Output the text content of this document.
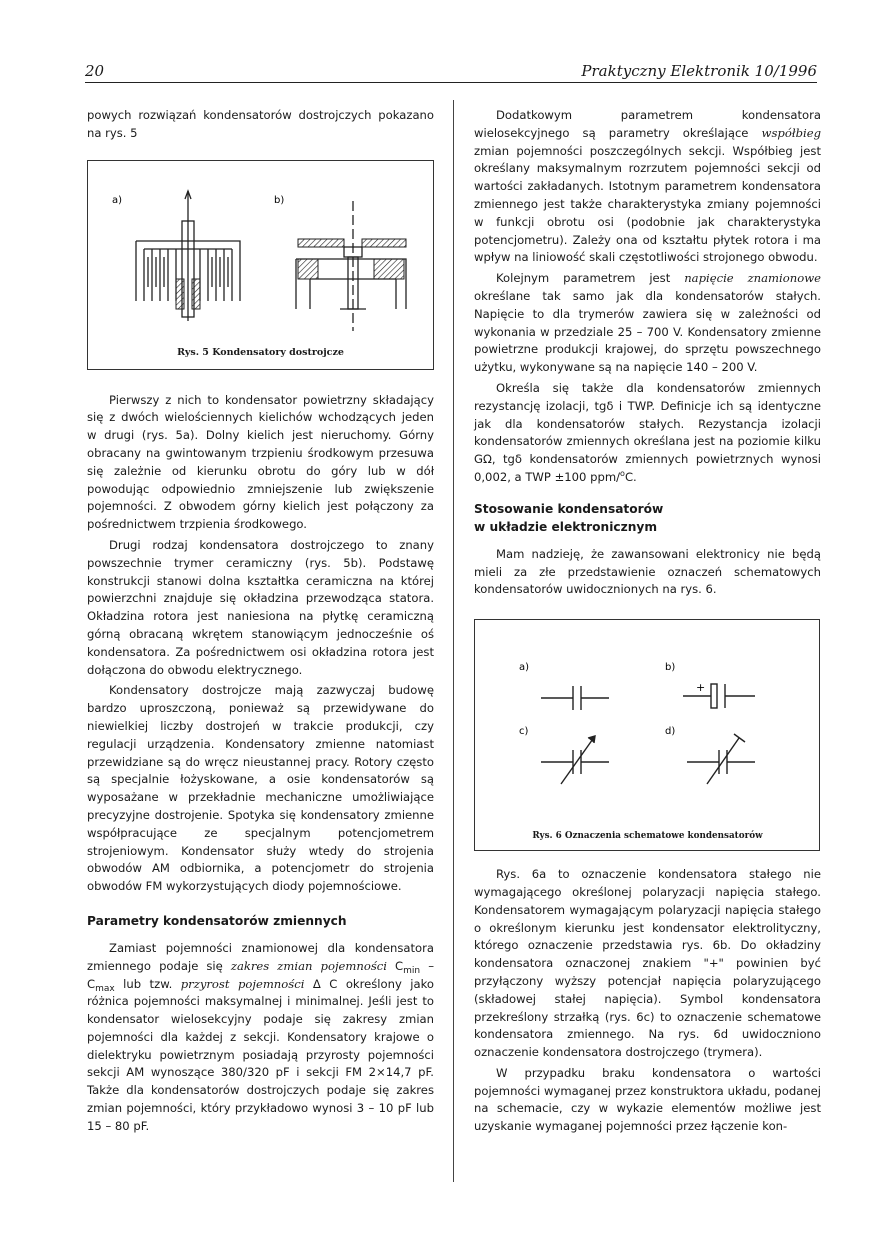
20	Praktyczny Elektronik 10/1996

powych rozwiązań kondensatorów dostrojczych pokazano na rys. 5

a)	b)

Rys. 5 Kondensatory dostrojcze

Pierwszy z nich to kondensator powietrzny składający się z dwóch wielościennych kielichów wchodzących jeden w drugi (rys. 5a). Dolny kielich jest nieruchomy. Górny obracany na gwintowanym trzpieniu środkowym przesuwa się zależnie od kierunku obrotu do góry lub w dół powodując odpowiednio zmniejszenie lub zwiększenie pojemności. Z obwodem górny kielich jest połączony za pośrednictwem trzpienia środkowego.

Drugi rodzaj kondensatora dostrojczego to znany powszechnie trymer ceramiczny (rys. 5b). Podstawę konstrukcji stanowi dolna kształtka ceramiczna na której powierzchni znajduje się okładzina przewodząca statora. Okładzina rotora jest naniesiona na płytkę ceramiczną górną obracaną wkrętem stanowiącym jednocześnie oś kondensatora. Za pośrednictwem osi okładzina rotora jest dołączona do obwodu elektrycznego.

Kondensatory dostrojcze mają zazwyczaj budowę bardzo uproszczoną, ponieważ są przewidywane do niewielkiej liczby dostrojeń w trakcie produkcji, czy regulacji urządzenia. Kondensatory zmienne natomiast przewidziane są do wręcz nieustannej pracy. Rotory często są specjalnie łożyskowane, a osie kondensatorów są wyposażane w przekładnie mechaniczne umożliwiające precyzyjne dostrojenie. Spotyka się kondensatory zmienne współpracujące ze specjalnym potencjometrem strojeniowym. Kondensator służy wtedy do strojenia obwodów AM odbiornika, a potencjometr do strojenia obwodów FM wykorzystujących diody pojemnościowe.

Parametry kondensatorów zmiennych

Zamiast pojemności znamionowej dla kondensatora zmiennego podaje się zakres zmian pojemności $C_{min} - C_{max}$ lub tzw. przyrost pojemności Δ C określony jako różnica pojemności maksymalnej i minimalnej. Jeśli jest to kondensator wielosekcyjny podaje się zakresy zmian pojemności dla każdej z sekcji. Kondensatory krajowe o dielektryku powietrznym posiadają przyrosty pojemności sekcji AM wynoszące 380/320 pF i sekcji FM 2×14,7 pF. Także dla kondensatorów dostrojczych podaje się zakres zmian pojemności, który przykładowo wynosi 3 – 10 pF lub 15 – 80 pF.

Dodatkowym parametrem kondensatora wielosekcyjnego są parametry określające współbieg zmian pojemności poszczególnych sekcji. Współbieg jest określany maksymalnym rozrzutem pojemności sekcji od wartości zakładanych. Istotnym parametrem kondensatora zmiennego jest także charakterystyka zmiany pojemności w funkcji obrotu osi (podobnie jak charakterystyka potencjometru). Zależy ona od kształtu płytek rotora i ma wpływ na liniowość skali częstotliwości strojonego obwodu.

Kolejnym parametrem jest napięcie znamionowe określane tak samo jak dla kondensatorów stałych. Napięcie to dla trymerów zawiera się w zależności od wykonania w przedziale 25 – 700 V. Kondensatory zmienne powietrzne produkcji krajowej, do sprzętu powszechnego użytku, wykonywane są na napięcie 140 – 200 V.

Określa się także dla kondensatorów zmiennych rezystancję izolacji, tgδ i TWP. Definicje ich są identyczne jak dla kondensatorów stałych. Rezystancja izolacji kondensatorów zmiennych określana jest na poziomie kilku GΩ, tgδ kondensatorów zmiennych powietrznych wynosi 0,002, a TWP ±100 ppm/$^o$C.

Stosowanie kondensatorów

w układzie elektronicznym

Mam nadzieję, że zawansowani elektronicy nie będą mieli za złe przedstawienie oznaczeń schematowych kondensatorów uwidocznionych na rys. 6.

a)	b)
c)	d)
+

Rys. 6 Oznaczenia schematowe kondensatorów

Rys. 6a to oznaczenie kondensatora stałego nie wymagającego określonej polaryzacji napięcia stałego. Kondensatorem wymagającym polaryzacji napięcia stałego o określonym kierunku jest kondensator elektrolityczny, którego oznaczenie przedstawia rys. 6b. Do okładziny kondensatora oznaczonej znakiem "+" powinien być przyłączony wyższy potencjał napięcia polaryzującego (składowej stałej napięcia). Symbol kondensatora przekreślony strzałką (rys. 6c) to oznaczenie schematowe kondensatora zmiennego. Na rys. 6d uwidoczniono oznaczenie kondensatora dostrojczego (trymera).

W przypadku braku kondensatora o wartości pojemności wymaganej przez konstruktora układu, podanej na schemacie, czy w wykazie elementów możliwe jest uzyskanie wymaganej pojemności przez łączenie kon-
